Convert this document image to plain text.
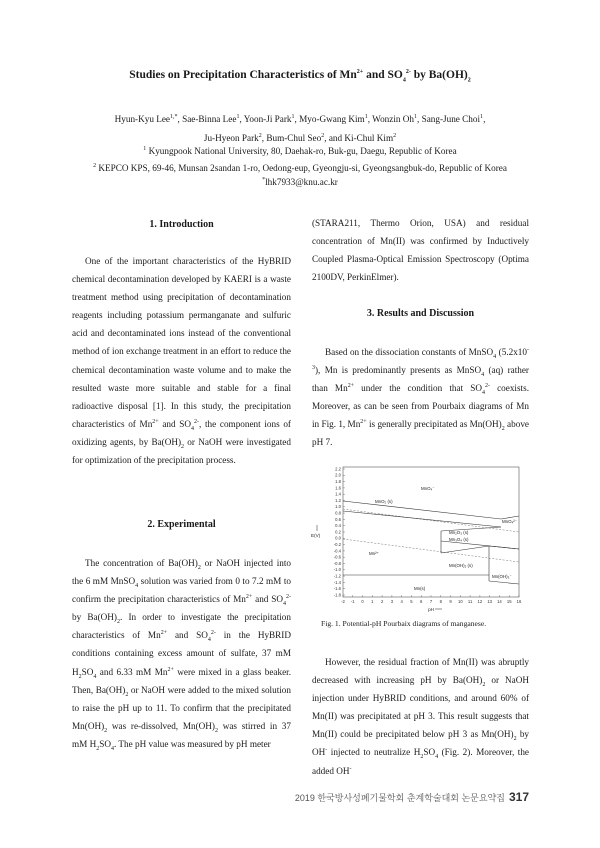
Studies on Precipitation Characteristics of $Mn^{2+}$ and $SO_4^{2-}$ by $Ba(OH)_2$
Hyun-Kyu Lee$^{1,*}$, Sae-Binna Lee$^1$, Yoon-Ji Park$^1$, Myo-Gwang Kim$^1$, Wonzin Oh$^1$, Sang-June Choi$^1$,
Ju-Hyeon Park$^2$, Bum-Chul Seo$^2$, and Ki-Chul Kim$^2$
$^1$ Kyungpook National University, 80, Daehak-ro, Buk-gu, Daegu, Republic of Korea
$^2$ KEPCO KPS, 69-46, Munsan 2sandan 1-ro, Oedong-eup, Gyeongju-si, Gyeongsangbuk-do, Republic of Korea
*lhk7933@knu.ac.kr
1. Introduction

One of the important characteristics of the HyBRID chemical decontamination developed by KAERI is a waste treatment method using precipitation of decontamination reagents including potassium permanganate and sulfuric acid and decontaminated ions instead of the conventional method of ion exchange treatment in an effort to reduce the chemical decontamination waste volume and to make the resulted waste more suitable and stable for a final radioactive disposal [1]. In this study, the precipitation characteristics of $Mn^{2+}$ and $SO_4^{2-}$, the component ions of oxidizing agents, by $Ba(OH)_2$ or NaOH were investigated for optimization of the precipitation process.

2. Experimental

The concentration of $Ba(OH)_2$ or NaOH injected into the 6 mM MnSO$_4$ solution was varied from 0 to 7.2 mM to confirm the precipitation characteristics of $Mn^{2+}$ and $SO_4^{2-}$ by $Ba(OH)_2$. In order to investigate the precipitation characteristics of $Mn^{2+}$ and $SO_4^{2-}$ in the HyBRID conditions containing excess amount of sulfate, 37 mM $H_2SO_4$ and 6.33 mM $Mn^{2+}$ were mixed in a glass beaker. Then, $Ba(OH)_2$ or NaOH were added to the mixed solution to raise the pH up to 11. To confirm that the precipitated $Mn(OH)_2$ was re-dissolved, $Mn(OH)_2$ was stirred in 37 mM $H_2SO_4$. The pH value was measured by pH meter

(STARA211, Thermo Orion, USA) and residual concentration of Mn(II) was confirmed by Inductively Coupled Plasma-Optical Emission Spectroscopy (Optima 2100DV, PerkinElmer).

3. Results and Discussion

Based on the dissociation constants of MnSO$_4$ $(5.2x10^{-3})$, Mn is predominantly presents as MnSO$_4$ (aq) rather than $Mn^{2+}$ under the condition that $SO_4^{2-}$ coexists. Moreover, as can be seen from Pourbaix diagrams of Mn in Fig. 1, $Mn^{2+}$ is generally precipitated as $Mn(OH)_2$ above pH 7.

2.2
2.0
1.8
1.6
1.4
1.2
1.0
0.8
0.6
0.4
0.2
0.0
-0.2
-0.4
-0.6
-0.8
-1.0
-1.2
-1.4
-1.6
-1.8
-2 -1 0 1 2 3 4 5 6 7 8 9 10 11 12 13 14 15 16
MnO₄⁻
MnO₂ (s)
MnO₄²⁻
Mn₂O₃ (s)
Mn₃O₄ (s)
Mn²⁺
Mn(OH)₂ (s)
Mn(OH)₃⁻
Mn(s)
E(V)
pH
Fig. 1. Potential-pH Pourbaix diagrams of manganese.

However, the residual fraction of Mn(II) was abruptly decreased with increasing pH by $Ba(OH)_2$ or NaOH injection under HyBRID conditions, and around 60% of Mn(II) was precipitated at pH 3. This result suggests that Mn(II) could be precipitated below pH 3 as $Mn(OH)_2$ by OH- injected to neutralize $H_2SO_4$ (Fig. 2). Moreover, the added OH-

2019 한국방사성폐기물학회 춘계학술대회 논문요약집 317
